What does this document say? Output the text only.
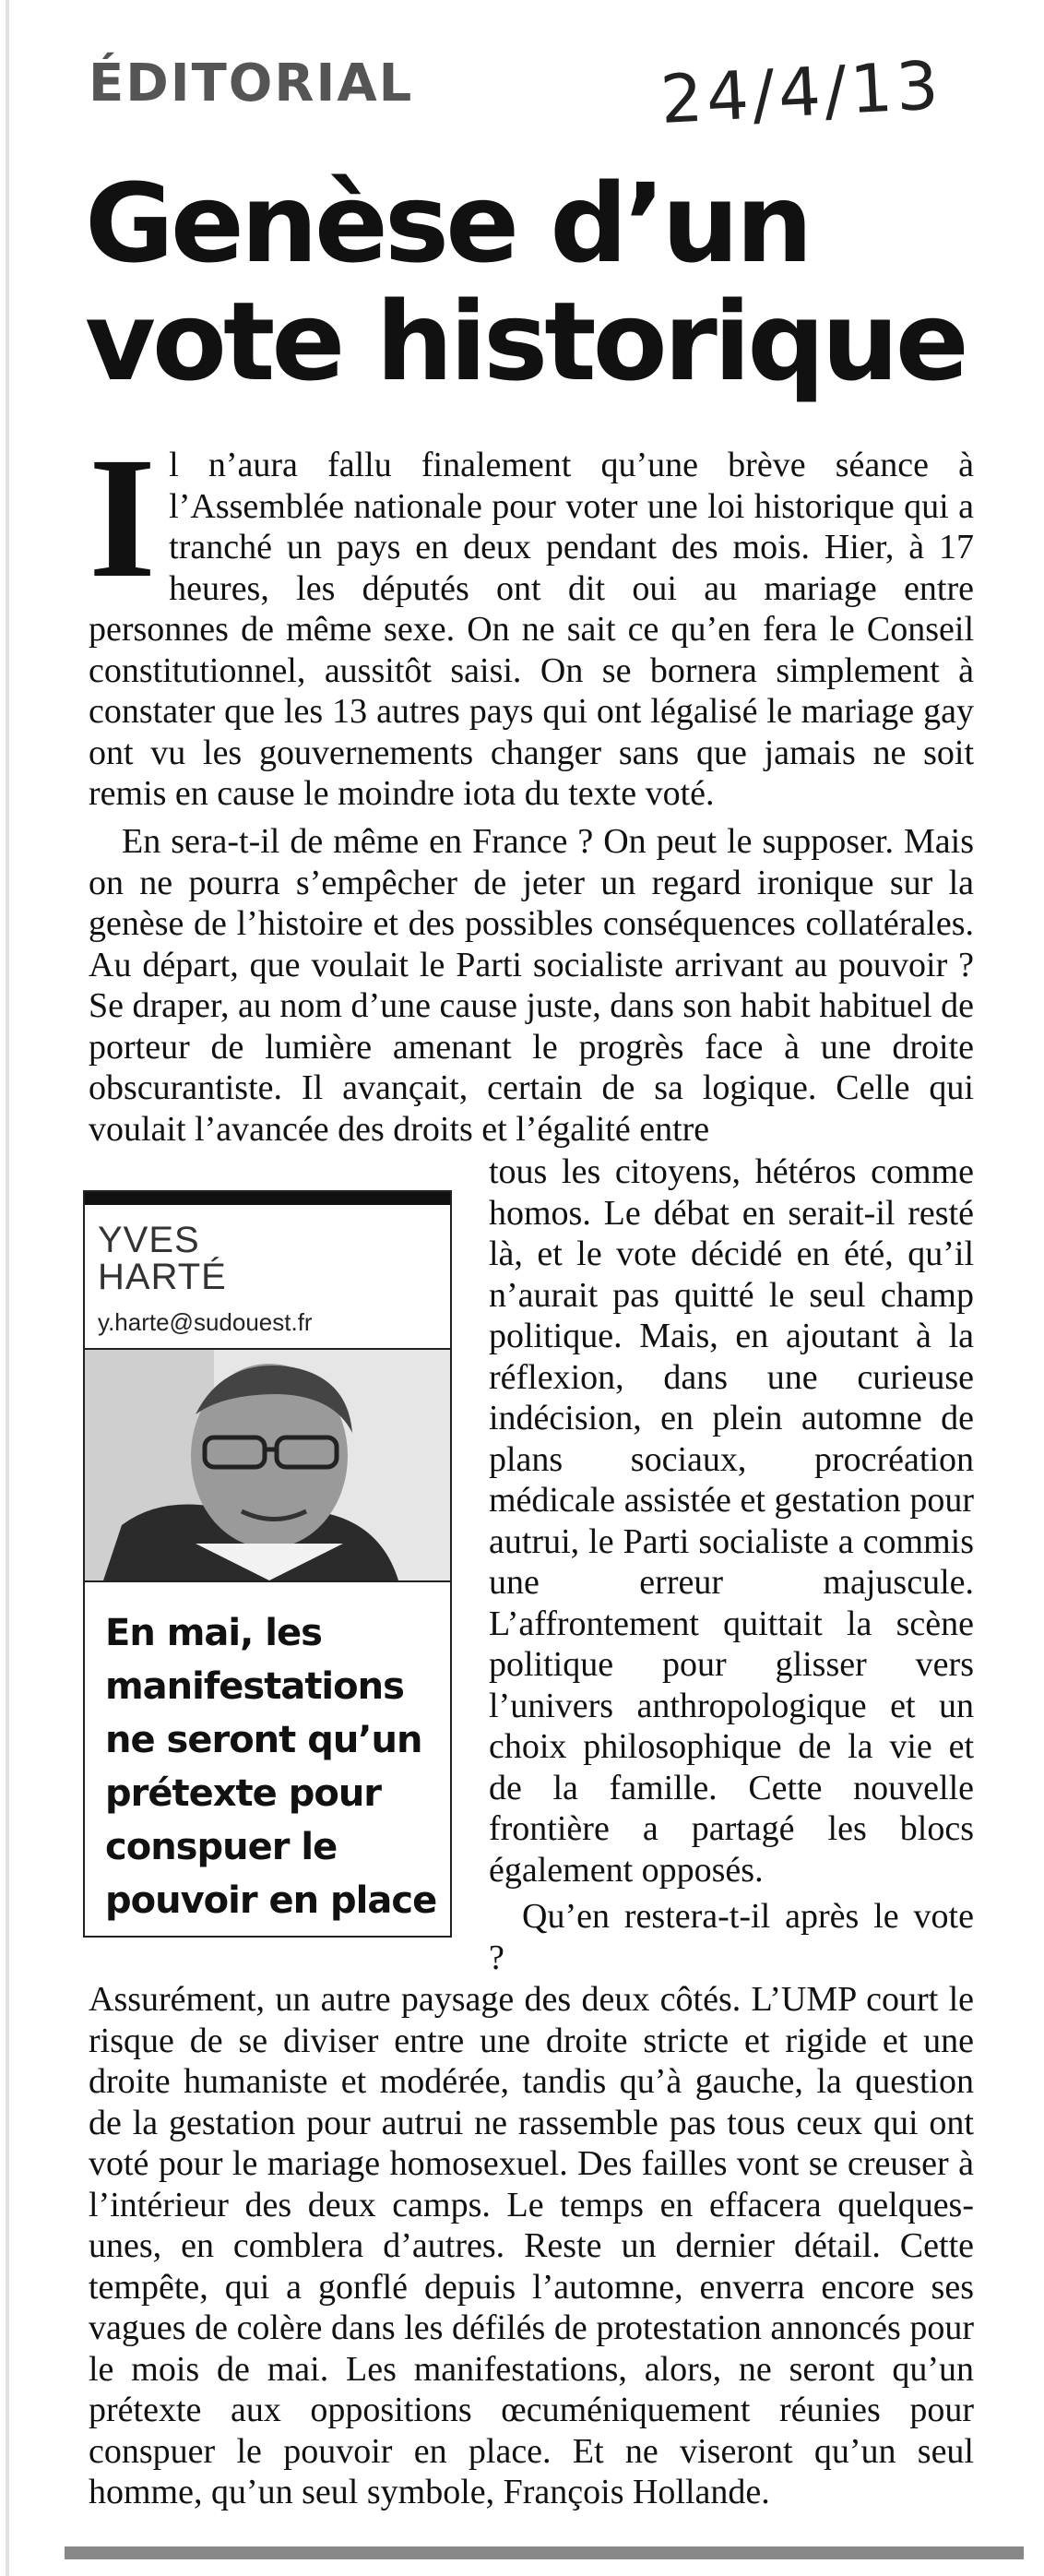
ÉDITORIAL	24/4/13
Genèse d’un vote historique

Il n’aura fallu finalement qu’une brève séance à l’Assemblée nationale pour voter une loi historique qui a tranché un pays en deux pendant des mois. Hier, à 17 heures, les députés ont dit oui au mariage entre personnes de même sexe. On ne sait ce qu’en fera le Conseil constitutionnel, aussitôt saisi. On se bornera simplement à constater que les 13 autres pays qui ont légalisé le mariage gay ont vu les gouvernements changer sans que jamais ne soit remis en cause le moindre iota du texte voté.

En sera-t-il de même en France ? On peut le supposer. Mais on ne pourra s’empêcher de jeter un regard ironique sur la genèse de l’histoire et des possibles conséquences collatérales. Au départ, que voulait le Parti socialiste arrivant au pouvoir ? Se draper, au nom d’une cause juste, dans son habit habituel de porteur de lumière amenant le progrès face à une droite obscurantiste. Il avançait, certain de sa logique. Celle qui voulait l’avancée des droits et l’égalité entre

YVES
HARTÉ
y.harte@sudouest.fr
En mai, les manifestations ne seront qu’un prétexte pour conspuer le pouvoir en place

tous les citoyens, hétéros comme homos. Le débat en serait-il resté là, et le vote décidé en été, qu’il n’aurait pas quitté le seul champ politique. Mais, en ajoutant à la réflexion, dans une curieuse indécision, en plein automne de plans sociaux, procréation médicale assistée et gestation pour autrui, le Parti socialiste a commis une erreur majuscule. L’affrontement quittait la scène politique pour glisser vers l’univers anthropologique et un choix philosophique de la vie et de la famille. Cette nouvelle frontière a partagé les blocs également opposés.

Qu’en restera-t-il après le vote ?

Assurément, un autre paysage des deux côtés. L’UMP court le risque de se diviser entre une droite stricte et rigide et une droite humaniste et modérée, tandis qu’à gauche, la question de la gestation pour autrui ne rassemble pas tous ceux qui ont voté pour le mariage homosexuel. Des failles vont se creuser à l’intérieur des deux camps. Le temps en effacera quelques-unes, en comblera d’autres. Reste un dernier détail. Cette tempête, qui a gonflé depuis l’automne, enverra encore ses vagues de colère dans les défilés de protestation annoncés pour le mois de mai. Les manifestations, alors, ne seront qu’un prétexte aux oppositions œcuméniquement réunies pour conspuer le pouvoir en place. Et ne viseront qu’un seul homme, qu’un seul symbole, François Hollande.
